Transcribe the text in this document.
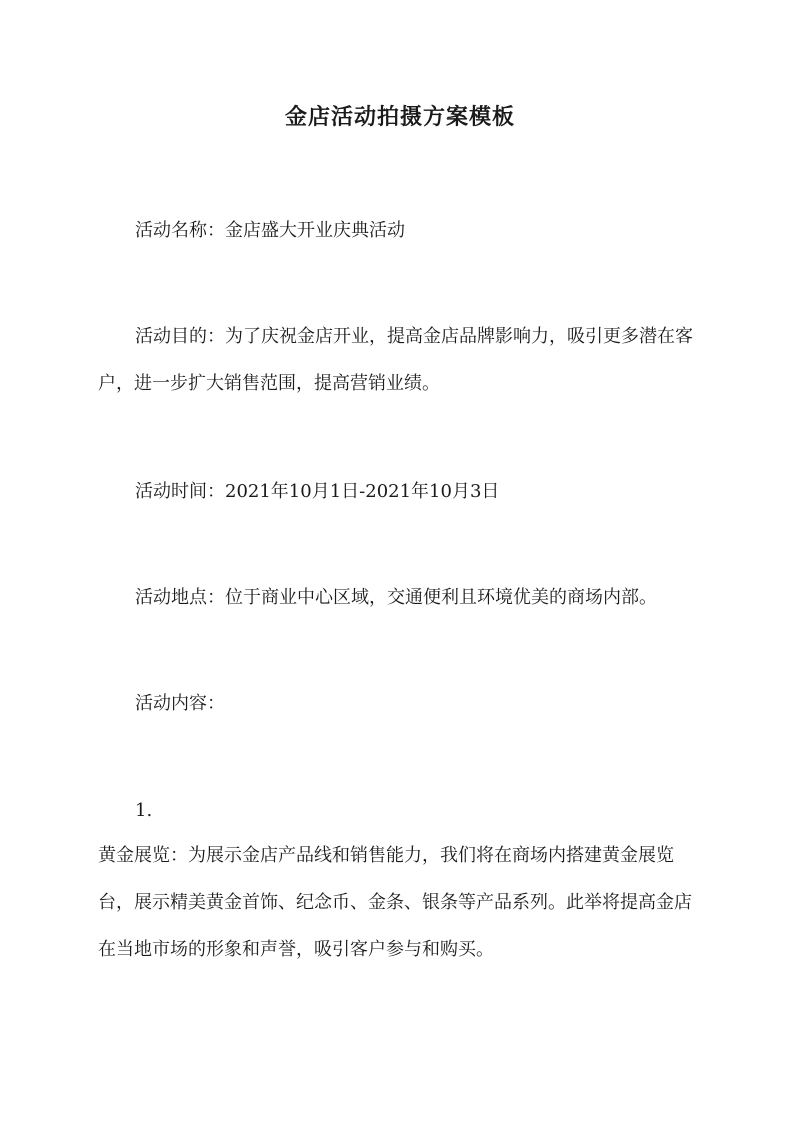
金店活动拍摄方案模板

活动名称：金店盛大开业庆典活动

活动目的：为了庆祝金店开业，提高金店品牌影响力，吸引更多潜在客户，进一步扩大销售范围，提高营销业绩。

活动时间：2021年10月1日-2021年10月3日

活动地点：位于商业中心区域，交通便利且环境优美的商场内部。

活动内容：

1.

黄金展览：为展示金店产品线和销售能力，我们将在商场内搭建黄金展览台，展示精美黄金首饰、纪念币、金条、银条等产品系列。此举将提高金店在当地市场的形象和声誉，吸引客户参与和购买。
